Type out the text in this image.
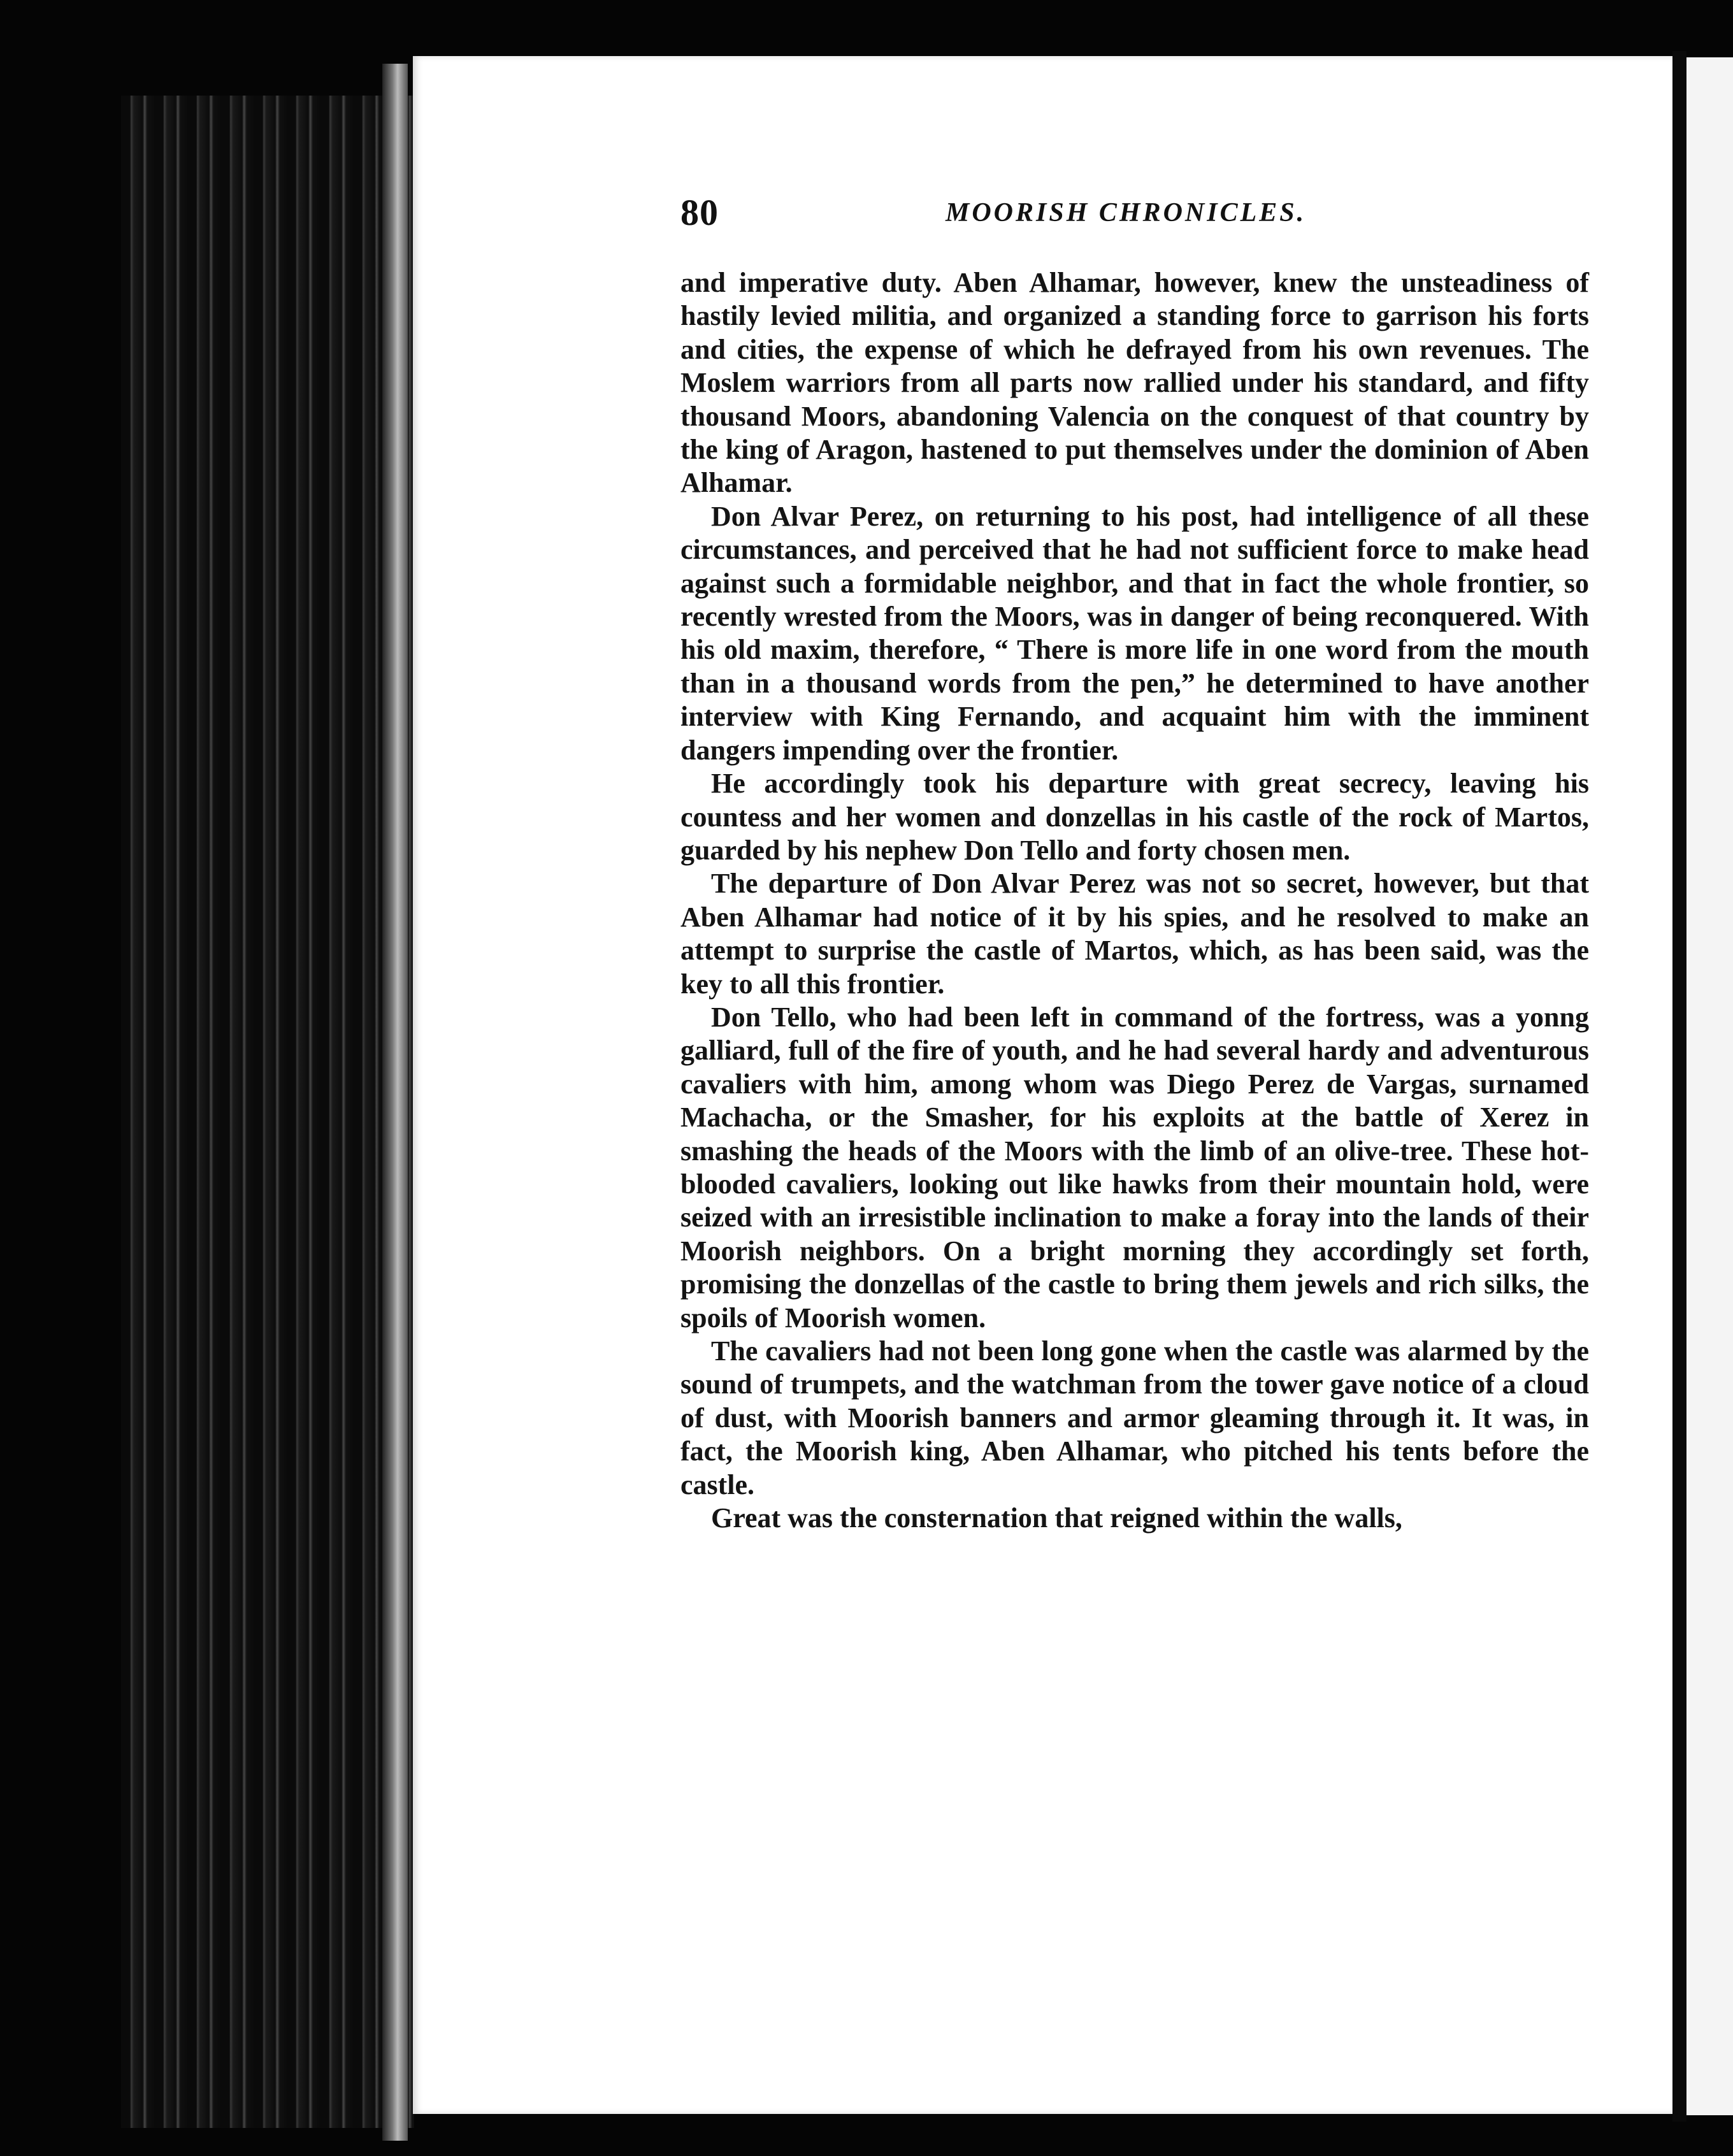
80	MOORISH CHRONICLES.

and imperative duty. Aben Alhamar, however, knew the unsteadiness of hastily levied militia, and organized a standing force to garrison his forts and cities, the expense of which he defrayed from his own revenues. The Moslem warriors from all parts now rallied under his standard, and fifty thousand Moors, abandoning Valencia on the conquest of that country by the king of Aragon, hastened to put themselves under the dominion of Aben Alhamar.

Don Alvar Perez, on returning to his post, had intelligence of all these circumstances, and perceived that he had not sufficient force to make head against such a formidable neighbor, and that in fact the whole frontier, so recently wrested from the Moors, was in danger of being reconquered. With his old maxim, therefore, “ There is more life in one word from the mouth than in a thousand words from the pen,” he determined to have another interview with King Fernando, and acquaint him with the imminent dangers impending over the frontier.

He accordingly took his departure with great secrecy, leaving his countess and her women and donzellas in his castle of the rock of Martos, guarded by his nephew Don Tello and forty chosen men.

The departure of Don Alvar Perez was not so secret, however, but that Aben Alhamar had notice of it by his spies, and he resolved to make an attempt to surprise the castle of Martos, which, as has been said, was the key to all this frontier.

Don Tello, who had been left in command of the fortress, was a yonng galliard, full of the fire of youth, and he had several hardy and adventurous cavaliers with him, among whom was Diego Perez de Vargas, surnamed Machacha, or the Smasher, for his exploits at the battle of Xerez in smashing the heads of the Moors with the limb of an olive-tree. These hot-blooded cavaliers, looking out like hawks from their mountain hold, were seized with an irresistible inclination to make a foray into the lands of their Moorish neighbors. On a bright morning they accordingly set forth, promising the donzellas of the castle to bring them jewels and rich silks, the spoils of Moorish women.

The cavaliers had not been long gone when the castle was alarmed by the sound of trumpets, and the watchman from the tower gave notice of a cloud of dust, with Moorish banners and armor gleaming through it. It was, in fact, the Moorish king, Aben Alhamar, who pitched his tents before the castle.

Great was the consternation that reigned within the walls,
